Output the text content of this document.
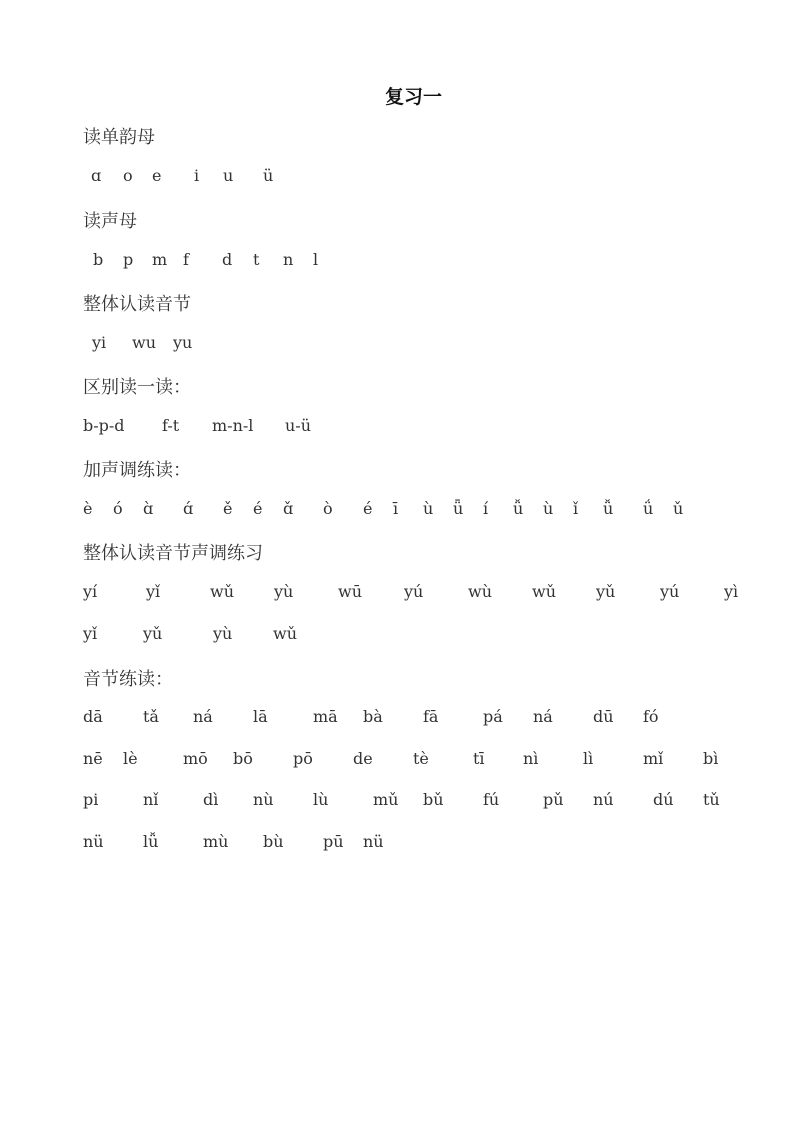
复习一
读单韵母
ɑ o e i u ü
读声母
b p m f d t n l
整体认读音节
yi wu yu
区别读一读：
b-p-d f-t m-n-l u-ü
加声调练读：
è ó ɑ̀ ɑ́ ě é ɑ̌ ò é ī ù ǖ í ǚ ù ǐ ǚ ǘ ǔ
整体认读音节声调练习
yí	yǐ	wǔ	yù	wū	yú	wù	wǔ	yǔ	yú	yì
yǐ	yǔ	yù	wǔ
音节练读：
dā	tǎ ná	lā	mā bà	fā	pá ná	dū fó
nē lè	mō bō	pō	de	tè	tī nì	lì	mǐ bì
pi	nǐ	dì nù lù	mǔ bǔ fú	pǔ nú dú tǔ
nü lǚ	mù bù pū nü
